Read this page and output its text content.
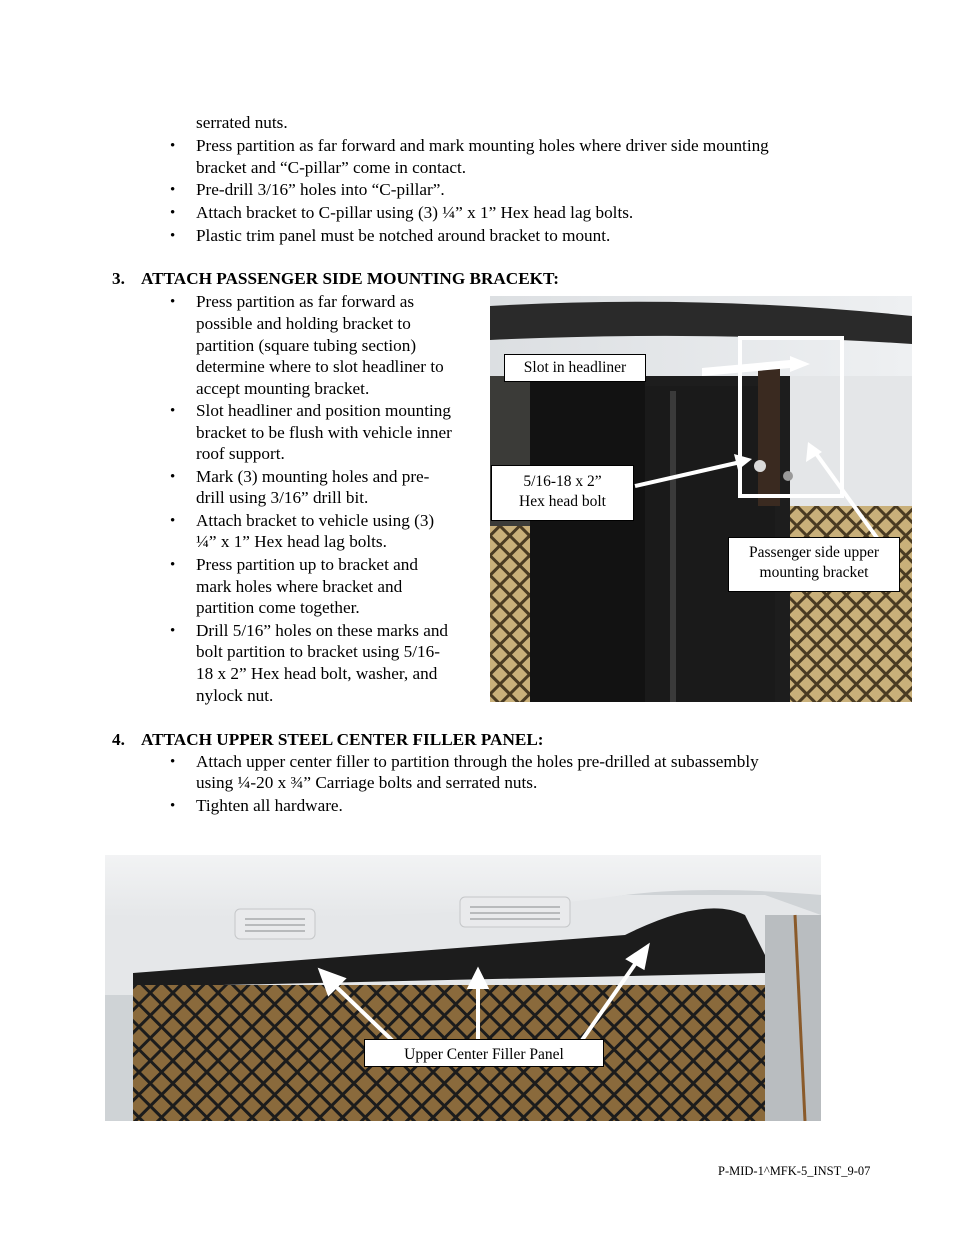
serrated nuts.
• Press partition as far forward and mark mounting holes where driver side mounting
bracket and “C-pillar” come in contact.
• Pre-drill 3/16” holes into “C-pillar”.
• Attach bracket to C-pillar using (3) ¼” x 1” Hex head lag bolts.
• Plastic trim panel must be notched around bracket to mount.
3. ATTACH PASSENGER SIDE MOUNTING BRACEKT:
• Press partition as far forward as
possible and holding bracket to
partition (square tubing section)
determine where to slot headliner to
accept mounting bracket.
• Slot headliner and position mounting
bracket to be flush with vehicle inner
roof support.
• Mark (3) mounting holes and pre-
drill using 3/16” drill bit.
• Attach bracket to vehicle using (3)
¼” x 1” Hex head lag bolts.
• Press partition up to bracket and
mark holes where bracket and
partition come together.
• Drill 5/16” holes on these marks and
bolt partition to bracket using 5/16-
18 x 2” Hex head bolt, washer, and
nylock nut.
Slot in headliner
5/16-18 x 2”
Hex head bolt
Passenger side upper
mounting bracket
4. ATTACH UPPER STEEL CENTER FILLER PANEL:
• Attach upper center filler to partition through the holes pre-drilled at subassembly
using ¼-20 x ¾” Carriage bolts and serrated nuts.
• Tighten all hardware.
Upper Center Filler Panel
P-MID-1^MFK-5_INST_9-07
